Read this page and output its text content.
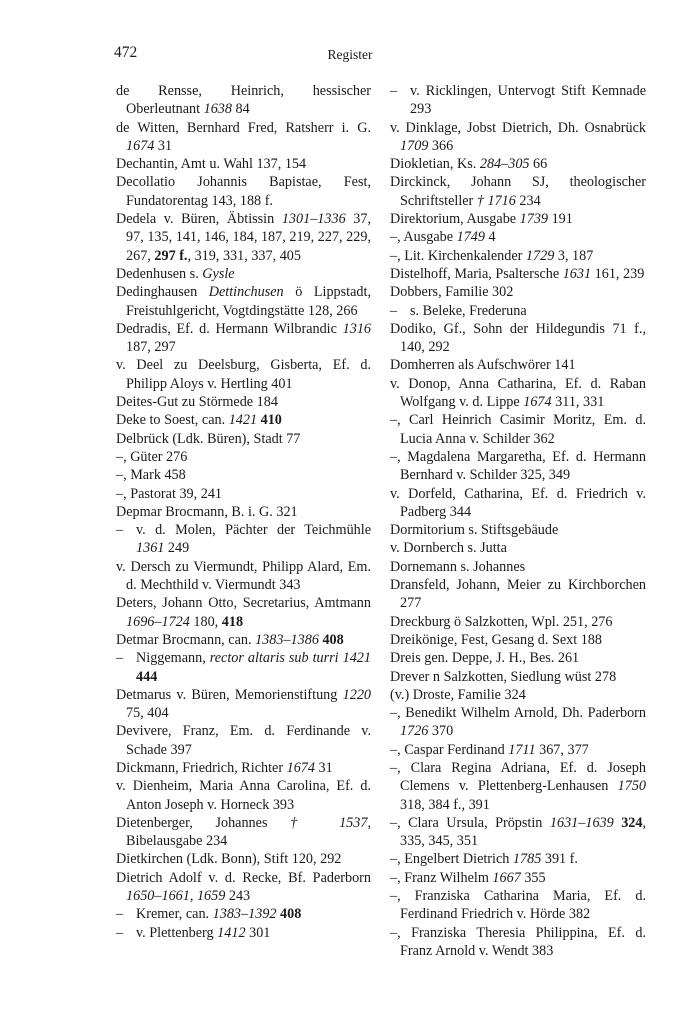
472	Register
de Rensse, Heinrich, hessischer Oberleutnant 1638 84
de Witten, Bernhard Fred, Ratsherr i. G. 1674 31
Dechantin, Amt u. Wahl 137, 154
Decollatio Johannis Bapistae, Fest, Fundatorentag 143, 188 f.
Dedela v. Büren, Äbtissin 1301–1336 37, 97, 135, 141, 146, 184, 187, 219, 227, 229, 267, 297 f., 319, 331, 337, 405
Dedenhusen s. Gysle
Dedinghausen Dettinchusen ö Lippstadt, Freistuhlgericht, Vogtdingstätte 128, 266
Dedradis, Ef. d. Hermann Wilbrandic 1316 187, 297
v. Deel zu Deelsburg, Gisberta, Ef. d. Philipp Aloys v. Hertling 401
Deites-Gut zu Störmede 184
Deke to Soest, can. 1421 410
Delbrück (Ldk. Büren), Stadt 77
–, Güter 276
–, Mark 458
–, Pastorat 39, 241
Depmar Brocmann, B. i. G. 321
– v. d. Molen, Pächter der Teichmühle 1361 249
v. Dersch zu Viermundt, Philipp Alard, Em. d. Mechthild v. Viermundt 343
Deters, Johann Otto, Secretarius, Amtmann 1696–1724 180, 418
Detmar Brocmann, can. 1383–1386 408
– Niggemann, rector altaris sub turri 1421 444
Detmarus v. Büren, Memorienstiftung 1220 75, 404
Devivere, Franz, Em. d. Ferdinande v. Schade 397
Dickmann, Friedrich, Richter 1674 31
v. Dienheim, Maria Anna Carolina, Ef. d. Anton Joseph v. Horneck 393
Dietenberger, Johannes † 1537, Bibelausgabe 234
Dietkirchen (Ldk. Bonn), Stift 120, 292
Dietrich Adolf v. d. Recke, Bf. Paderborn 1650–1661, 1659 243
– Kremer, can. 1383–1392 408
– v. Plettenberg 1412 301
– v. Ricklingen, Untervogt Stift Kemnade 293
v. Dinklage, Jobst Dietrich, Dh. Osnabrück 1709 366
Diokletian, Ks. 284–305 66
Dirckinck, Johann SJ, theologischer Schriftsteller † 1716 234
Direktorium, Ausgabe 1739 191
–, Ausgabe 1749 4
–, Lit. Kirchenkalender 1729 3, 187
Distelhoff, Maria, Psaltersche 1631 161, 239
Dobbers, Familie 302
– s. Beleke, Frederuna
Dodiko, Gf., Sohn der Hildegundis 71 f., 140, 292
Domherren als Aufschwörer 141
v. Donop, Anna Catharina, Ef. d. Raban Wolfgang v. d. Lippe 1674 311, 331
–, Carl Heinrich Casimir Moritz, Em. d. Lucia Anna v. Schilder 362
–, Magdalena Margaretha, Ef. d. Hermann Bernhard v. Schilder 325, 349
v. Dorfeld, Catharina, Ef. d. Friedrich v. Padberg 344
Dormitorium s. Stiftsgebäude
v. Dornberch s. Jutta
Dornemann s. Johannes
Dransfeld, Johann, Meier zu Kirchborchen 277
Dreckburg ö Salzkotten, Wpl. 251, 276
Dreikönige, Fest, Gesang d. Sext 188
Dreis gen. Deppe, J. H., Bes. 261
Drever n Salzkotten, Siedlung wüst 278
(v.) Droste, Familie 324
–, Benedikt Wilhelm Arnold, Dh. Paderborn 1726 370
–, Caspar Ferdinand 1711 367, 377
–, Clara Regina Adriana, Ef. d. Joseph Clemens v. Plettenberg-Lenhausen 1750 318, 384 f., 391
–, Clara Ursula, Pröpstin 1631–1639 324, 335, 345, 351
–, Engelbert Dietrich 1785 391 f.
–, Franz Wilhelm 1667 355
–, Franziska Catharina Maria, Ef. d. Ferdinand Friedrich v. Hörde 382
–, Franziska Theresia Philippina, Ef. d. Franz Arnold v. Wendt 383
